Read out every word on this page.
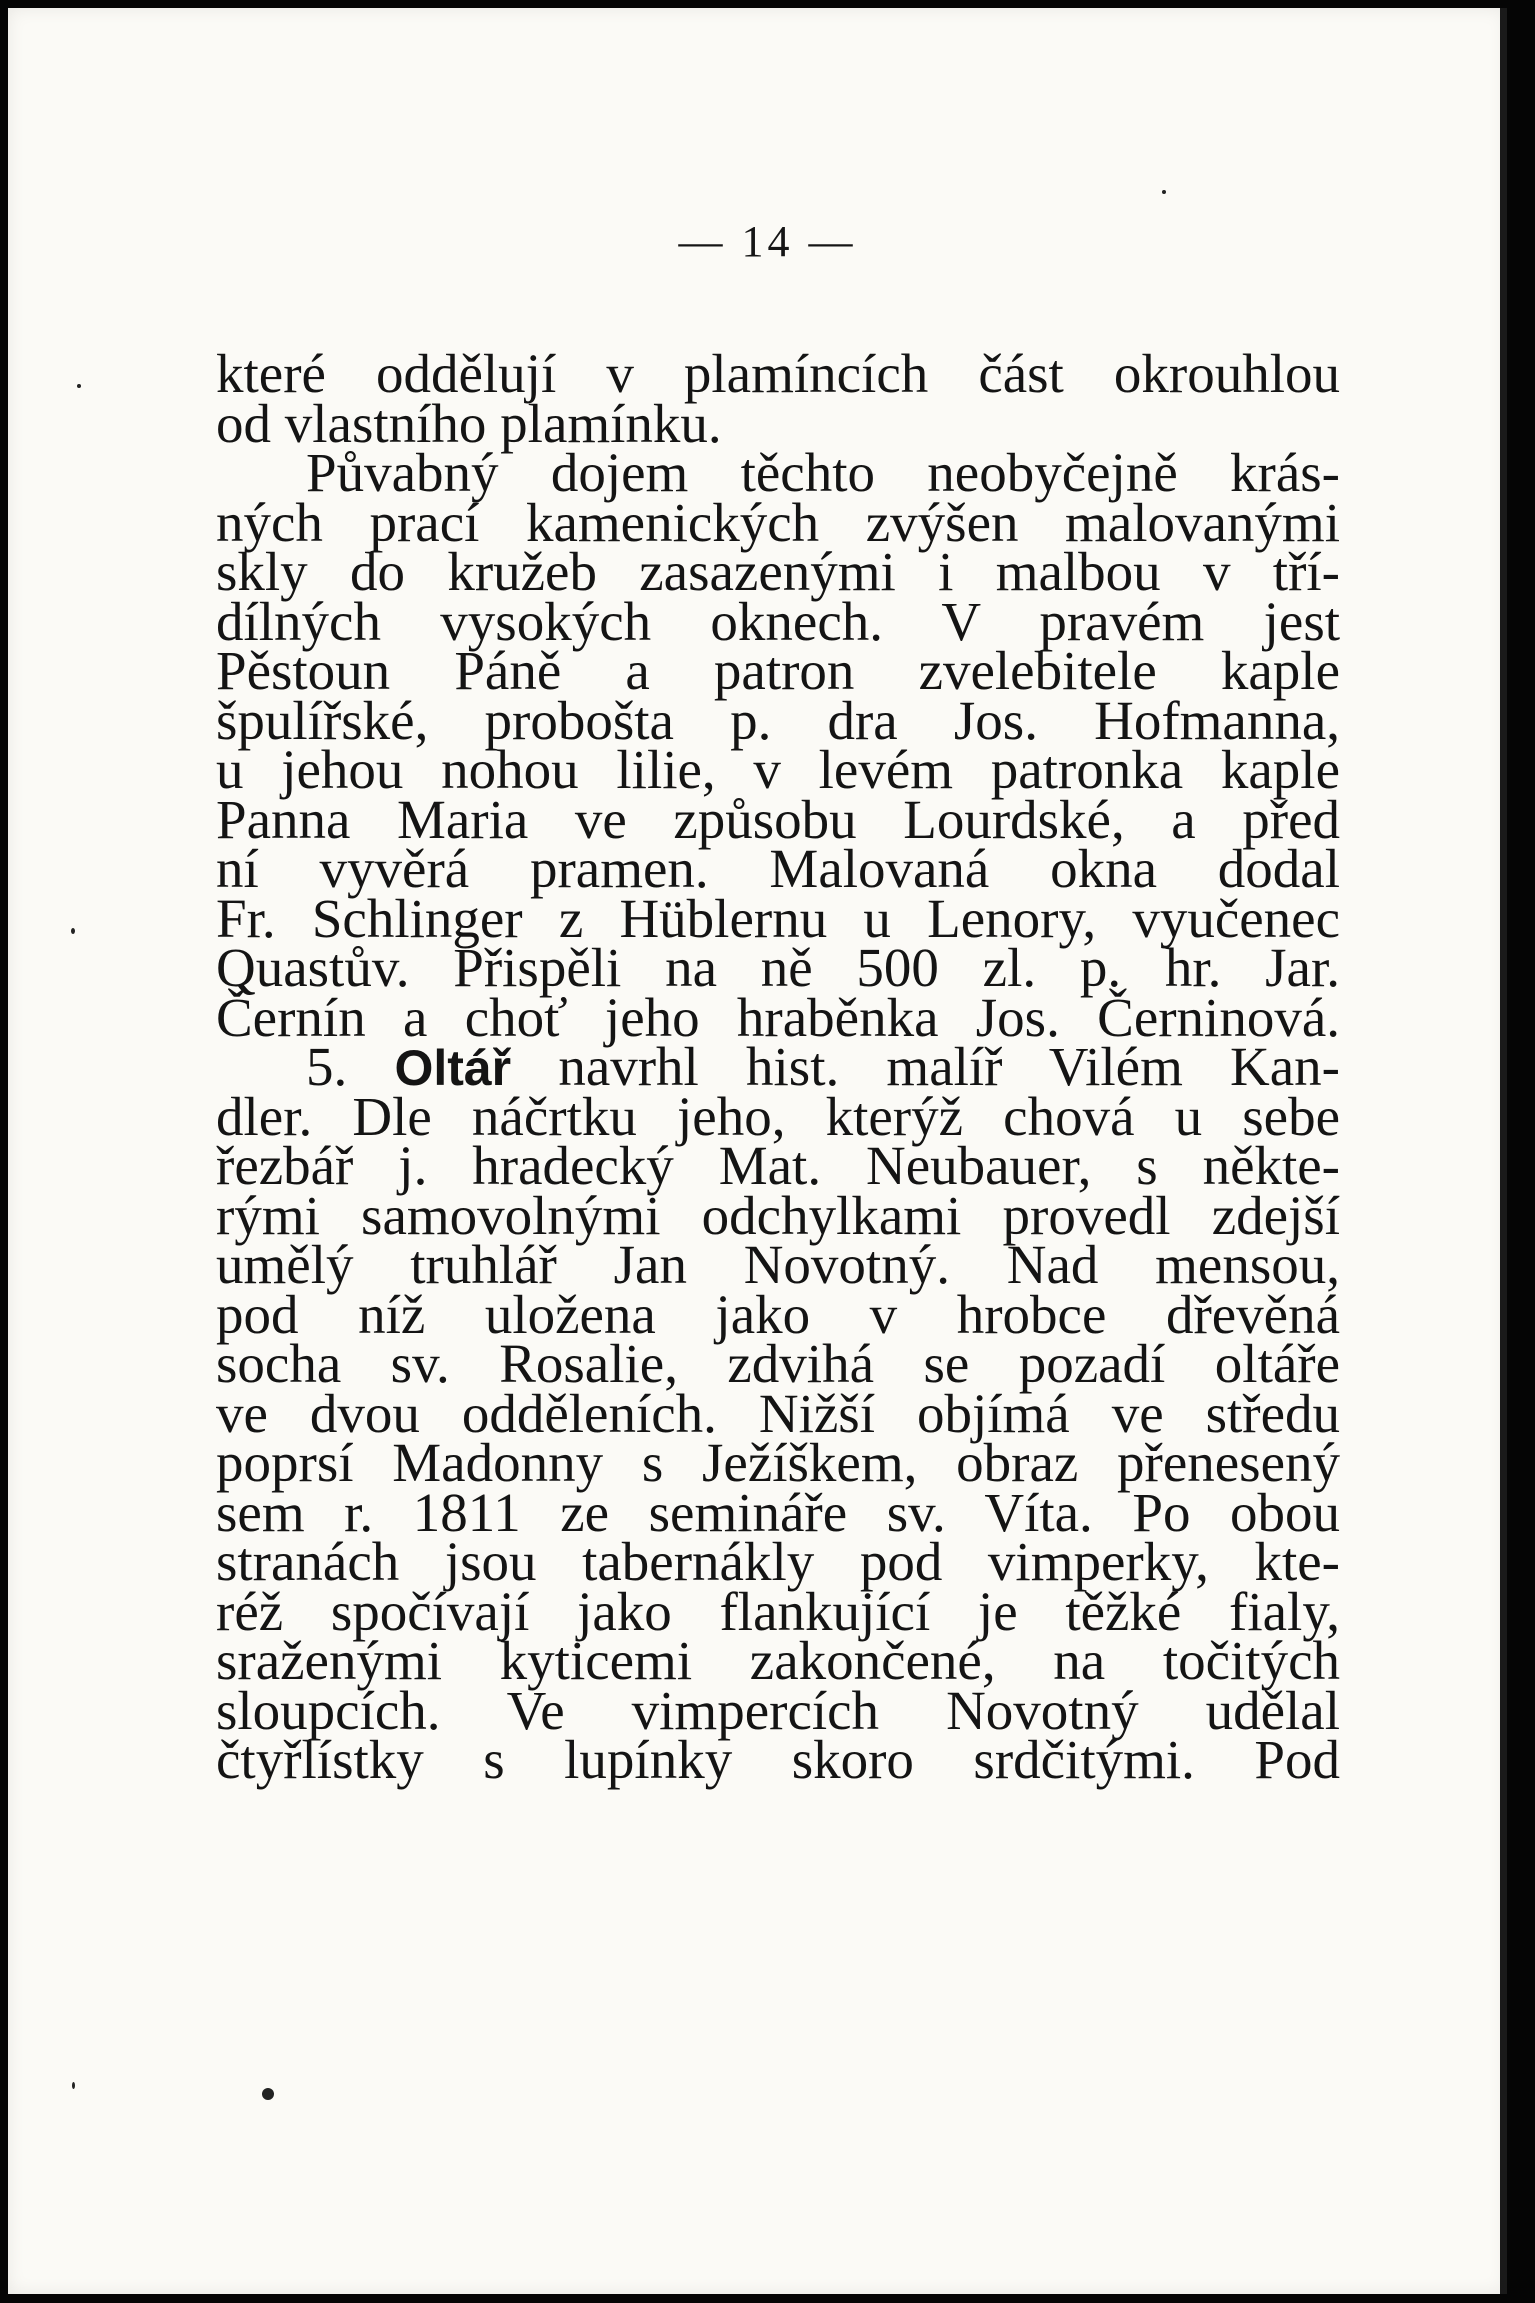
— 14 —
které oddělují v plamíncích část okrouhlou
od vlastního plamínku.
Půvabný dojem těchto neobyčejně krás-
ných prací kamenických zvýšen malovanými
skly do kružeb zasazenými i malbou v tří-
dílných vysokých oknech. V pravém jest
Pěstoun Páně a patron zvelebitele kaple
špulířské, probošta p. dra Jos. Hofmanna,
u jehou nohou lilie, v levém patronka kaple
Panna Maria ve způsobu Lourdské, a před
ní vyvěrá pramen. Malovaná okna dodal
Fr. Schlinger z Hüblernu u Lenory, vyučenec
Quastův. Přispěli na ně 500 zl. p. hr. Jar.
Černín a choť jeho hraběnka Jos. Černinová.
5. Oltář navrhl hist. malíř Vilém Kan-
dler. Dle náčrtku jeho, kterýž chová u sebe
řezbář j. hradecký Mat. Neubauer, s někte-
rými samovolnými odchylkami provedl zdejší
umělý truhlář Jan Novotný. Nad mensou,
pod níž uložena jako v hrobce dřevěná
socha sv. Rosalie, zdvihá se pozadí oltáře
ve dvou odděleních. Nižší objímá ve středu
poprsí Madonny s Ježíškem, obraz přenesený
sem r. 1811 ze semináře sv. Víta. Po obou
stranách jsou tabernákly pod vimperky, kte-
réž spočívají jako flankující je těžké fialy,
sraženými kyticemi zakončené, na točitých
sloupcích. Ve vimpercích Novotný udělal
čtyřlístky s lupínky skoro srdčitými. Pod
